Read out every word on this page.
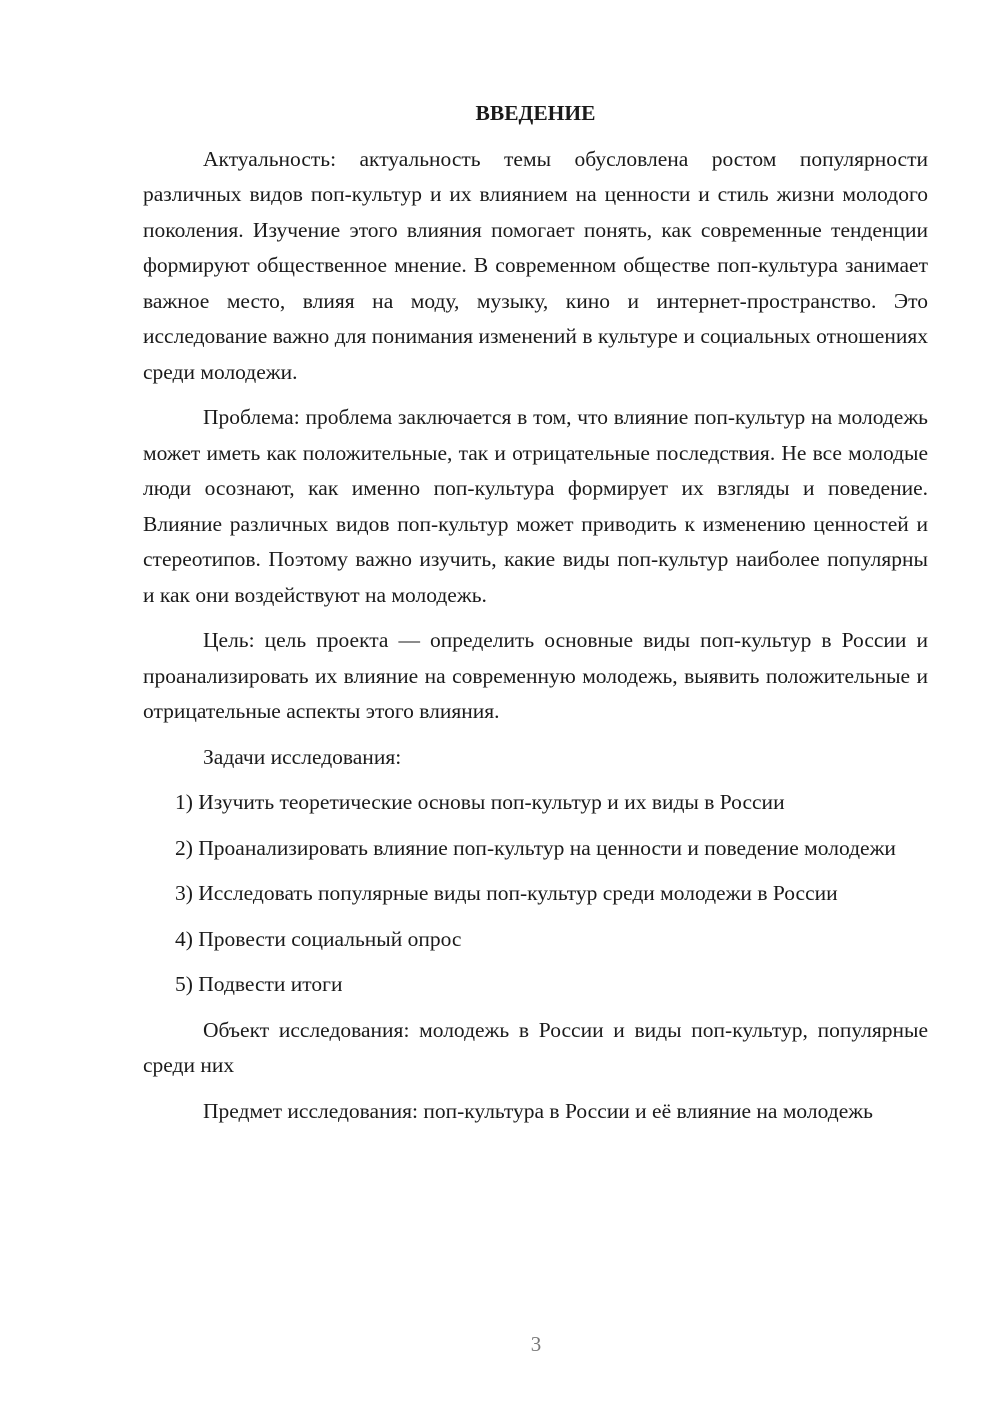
ВВЕДЕНИЕ

Актуальность: актуальность темы обусловлена ростом популярности различных видов поп-культур и их влиянием на ценности и стиль жизни молодого поколения. Изучение этого влияния помогает понять, как современные тенденции формируют общественное мнение. В современном обществе поп-культура занимает важное место, влияя на моду, музыку, кино и интернет-пространство. Это исследование важно для понимания изменений в культуре и социальных отношениях среди молодежи.

Проблема: проблема заключается в том, что влияние поп-культур на молодежь может иметь как положительные, так и отрицательные последствия. Не все молодые люди осознают, как именно поп-культура формирует их взгляды и поведение. Влияние различных видов поп-культур может приводить к изменению ценностей и стереотипов. Поэтому важно изучить, какие виды поп-культур наиболее популярны и как они воздействуют на молодежь.

Цель: цель проекта — определить основные виды поп-культур в России и проанализировать их влияние на современную молодежь, выявить положительные и отрицательные аспекты этого влияния.

Задачи исследования:

1) Изучить теоретические основы поп-культур и их виды в России

2) Проанализировать влияние поп-культур на ценности и поведение молодежи

3) Исследовать популярные виды поп-культур среди молодежи в России

4) Провести социальный опрос

5) Подвести итоги

Объект исследования: молодежь в России и виды поп-культур, популярные среди них

Предмет исследования: поп-культура в России и её влияние на молодежь

3
